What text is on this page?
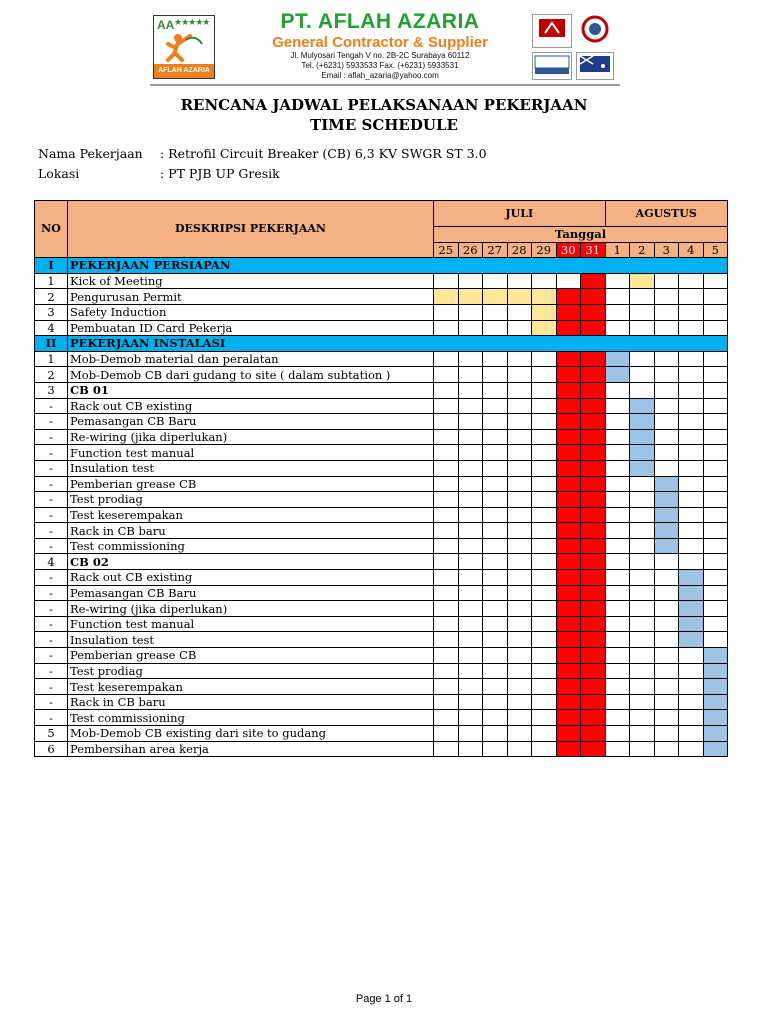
AA ★★★★★
AFLAH AZARIA
PT. AFLAH AZARIA
General Contractor & Supplier
Jl. Mulyosari Tengah V no. 2B-2C Surabaya 60112
Tel. (+6231) 5933533 Fax. (+6231) 5933531
Email : aflah_azaria@yahoo.com
RENCANA JADWAL PELAKSANAAN PEKERJAAN
TIME SCHEDULE
Nama Pekerjaan : Retrofil Circuit Breaker (CB) 6,3 KV SWGR ST 3.0
Lokasi	: PT PJB UP Gresik
NO	DESKRIPSI PEKERJAAN	JULI							AGUSTUS				
		Tanggal											
		25	26	27	28	29	30	31	1	2	3	4	5
I	PEKERJAAN PERSIAPAN												
1	Kick of Meeting												
2	Pengurusan Permit												
3	Safety Induction												
4	Pembuatan ID Card Pekerja												
II	PEKERJAAN INSTALASI												
1	Mob-Demob material dan peralatan												
2	Mob-Demob CB dari gudang to site ( dalam subtation )												
3	CB 01												
-	Rack out CB existing												
-	Pemasangan CB Baru												
-	Re-wiring (jika diperlukan)												
-	Function test manual												
-	Insulation test												
-	Pemberian grease CB												
-	Test prodiag												
-	Test keserempakan												
-	Rack in CB baru												
-	Test commissioning												
4	CB 02												
-	Rack out CB existing												
-	Pemasangan CB Baru												
-	Re-wiring (jika diperlukan)												
-	Function test manual												
-	Insulation test												
-	Pemberian grease CB												
-	Test prodiag												
-	Test keserempakan												
-	Rack in CB baru												
-	Test commissioning												
5	Mob-Demob CB existing dari site to gudang												
6	Pembersihan area kerja												
Page 1 of 1
